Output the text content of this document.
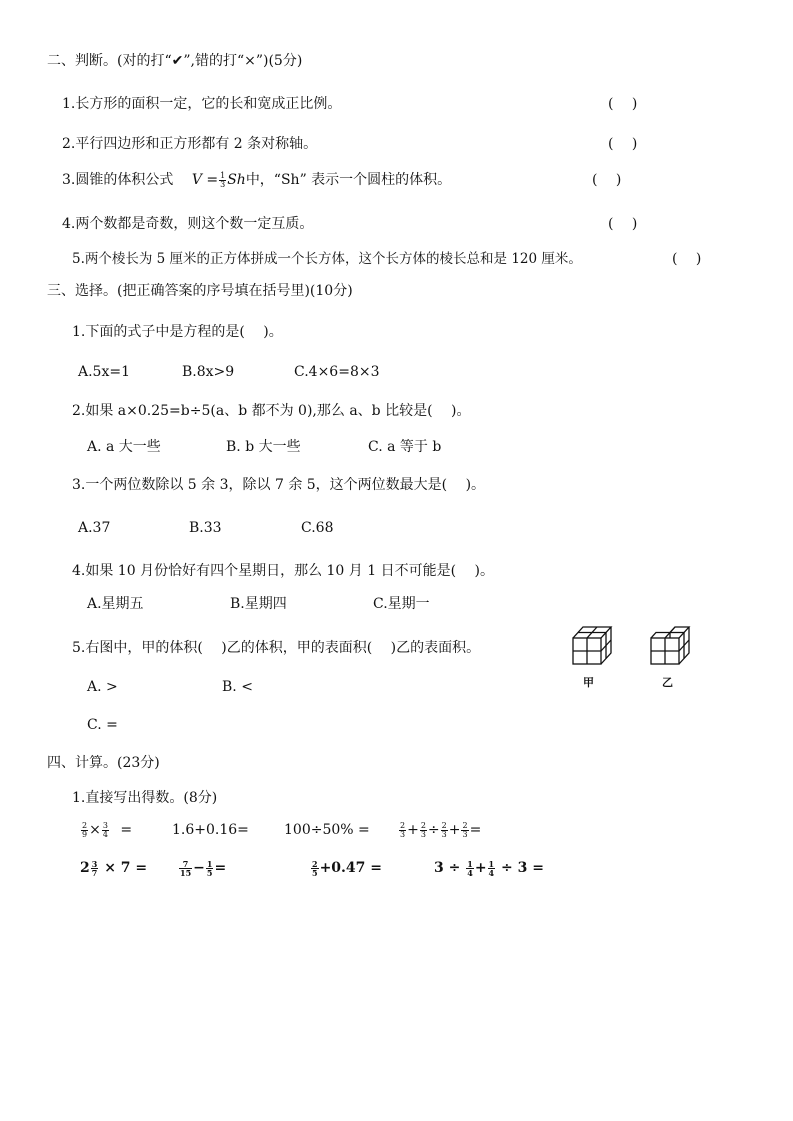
二、判断。(对的打“✔”,错的打“×”)(5分)
1.长方形的面积一定，它的长和宽成正比例。	(　 )
2.平行四边形和正方形都有 2 条对称轴。	(　 )
3.圆锥的体积公式 $V = \frac{1}{3}$ Sh中，“Sh” 表示一个圆柱的体积。	(　 )
4.两个数都是奇数，则这个数一定互质。	(　 )
5.两个棱长为 5 厘米的正方体拼成一个长方体，这个长方体的棱长总和是 120 厘米。	(　 )
三、选择。(把正确答案的序号填在括号里)(10分)
1.下面的式子中是方程的是(　 )。
A.5x=1	B.8x>9	C.4×6=8×3
2.如果 a×0.25=b÷5(a、b 都不为 0),那么 a、b 比较是(　 )。
A. a 大一些	B. b 大一些	C. a 等于 b
3.一个两位数除以 5 余 3，除以 7 余 5，这个两位数最大是(　 )。
A.37	B.33	C.68
4.如果 10 月份恰好有四个星期日，那么 10 月 1 日不可能是(　 )。
A.星期五	B.星期四	C.星期一
5.右图中，甲的体积(　 )乙的体积，甲的表面积(　 )乙的表面积。
A. >	B. <
C. =
甲	乙
四、计算。(23分)
1.直接写出得数。(8分)
$\frac{2}{9} \times \frac{3}{4}$ =	1.6+0.16=	100÷50% =	$\frac{2}{3} + \frac{2}{3} \div \frac{2}{3} + \frac{2}{3}$ =
$2 \frac{3}{7} \times 7$ =	$\frac{7}{15} - \frac{1}{5}$ =	$\frac{2}{5} +0.47$ =	$3 \div \frac{1}{4} + \frac{1}{4} \div 3$ =
